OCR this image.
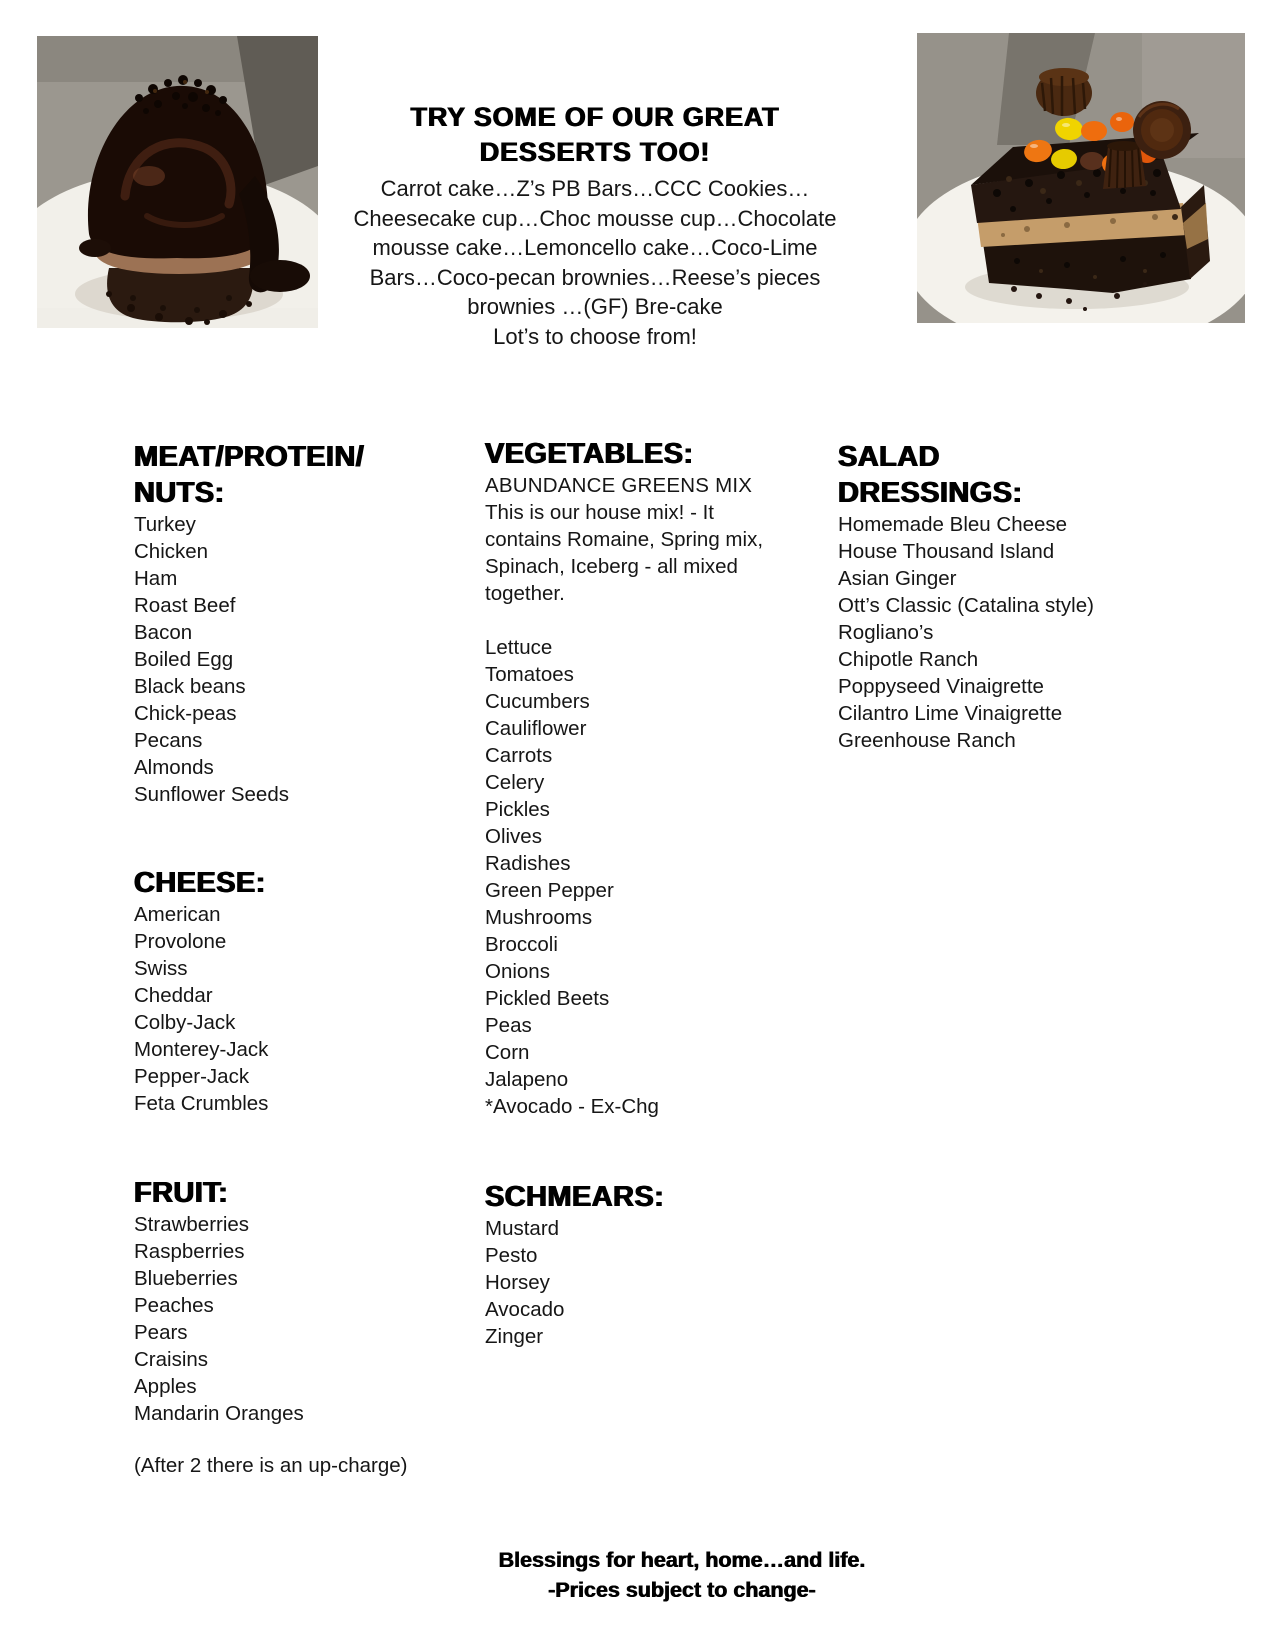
TRY SOME OF OUR GREAT
DESSERTS TOO!
Carrot cake…Z’s PB Bars…CCC Cookies…
Cheesecake cup…Choc mousse cup…Chocolate
mousse cake…Lemoncello cake…Coco-Lime
Bars…Coco-pecan brownies…Reese’s pieces
brownies …(GF) Bre-cake
Lot’s to choose from!
MEAT/PROTEIN/
NUTS:
Turkey
Chicken
Ham
Roast Beef
Bacon
Boiled Egg
Black beans
Chick-peas
Pecans
Almonds
Sunflower Seeds
CHEESE:
American
Provolone
Swiss
Cheddar
Colby-Jack
Monterey-Jack
Pepper-Jack
Feta Crumbles
FRUIT:
Strawberries
Raspberries
Blueberries
Peaches
Pears
Craisins
Apples
Mandarin Oranges
(After 2 there is an up-charge)
VEGETABLES:
ABUNDANCE GREENS MIX
This is our house mix! - It
contains Romaine, Spring mix,
Spinach, Iceberg - all mixed
together.
Lettuce
Tomatoes
Cucumbers
Cauliflower
Carrots
Celery
Pickles
Olives
Radishes
Green Pepper
Mushrooms
Broccoli
Onions
Pickled Beets
Peas
Corn
Jalapeno
*Avocado - Ex-Chg
SCHMEARS:
Mustard
Pesto
Horsey
Avocado
Zinger
SALAD
DRESSINGS:
Homemade Bleu Cheese
House Thousand Island
Asian Ginger
Ott’s Classic (Catalina style)
Rogliano’s
Chipotle Ranch
Poppyseed Vinaigrette
Cilantro Lime Vinaigrette
Greenhouse Ranch
Blessings for heart, home…and life.
-Prices subject to change-
